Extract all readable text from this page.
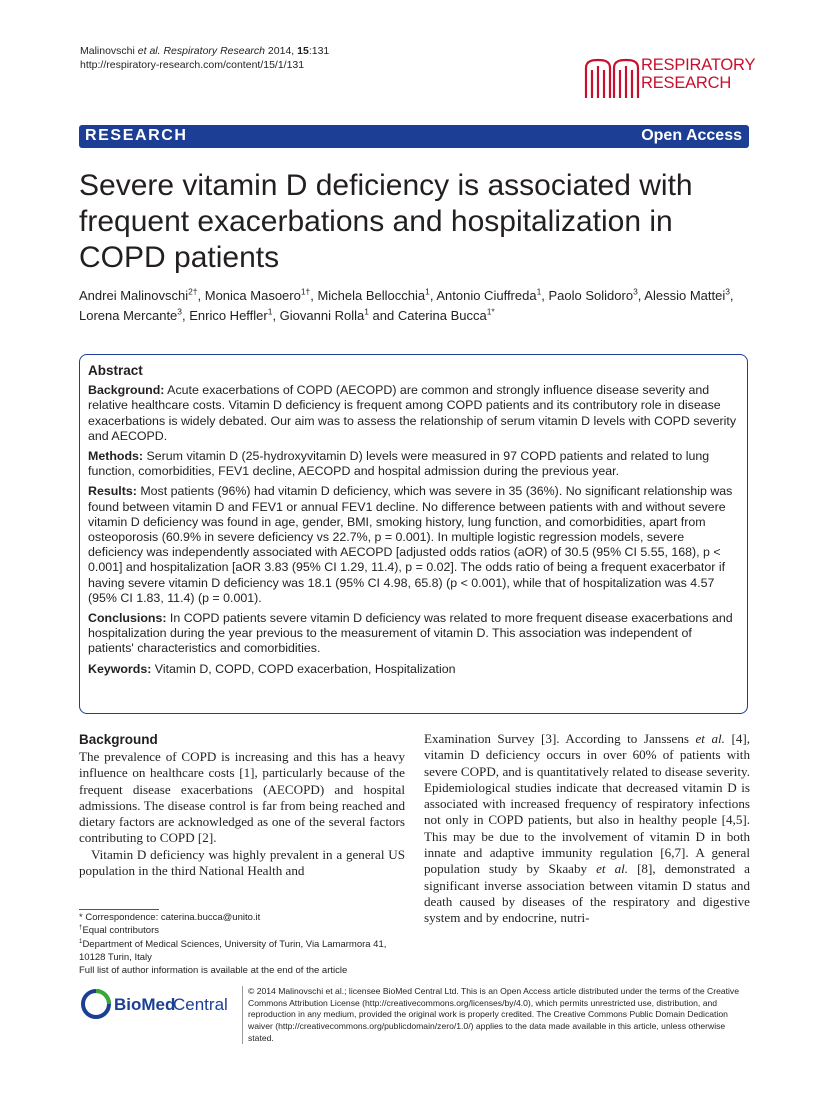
Malinovschi et al. Respiratory Research 2014, 15:131
http://respiratory-research.com/content/15/1/131	RESPIRATORY
RESEARCH
RESEARCH	Open Access
Severe vitamin D deficiency is associated with frequent exacerbations and hospitalization in COPD patients
Andrei Malinovschi$^{2\dagger}$, Monica Masoero$^{1\dagger}$, Michela Bellocchia$^1$, Antonio Ciuffreda$^1$, Paolo Solidoro$^3$, Alessio Mattei$^3$, Lorena Mercante$^3$, Enrico Heffler$^1$, Giovanni Rolla$^1$ and Caterina Bucca$^{1*}$
Abstract

Background: Acute exacerbations of COPD (AECOPD) are common and strongly influence disease severity and relative healthcare costs. Vitamin D deficiency is frequent among COPD patients and its contributory role in disease exacerbations is widely debated. Our aim was to assess the relationship of serum vitamin D levels with COPD severity and AECOPD.

Methods: Serum vitamin D (25-hydroxyvitamin D) levels were measured in 97 COPD patients and related to lung function, comorbidities, FEV1 decline, AECOPD and hospital admission during the previous year.

Results: Most patients (96%) had vitamin D deficiency, which was severe in 35 (36%). No significant relationship was found between vitamin D and FEV1 or annual FEV1 decline. No difference between patients with and without severe vitamin D deficiency was found in age, gender, BMI, smoking history, lung function, and comorbidities, apart from osteoporosis (60.9% in severe deficiency vs 22.7%, p = 0.001). In multiple logistic regression models, severe deficiency was independently associated with AECOPD [adjusted odds ratios (aOR) of 30.5 (95% CI 5.55, 168), p < 0.001] and hospitalization [aOR 3.83 (95% CI 1.29, 11.4), p = 0.02]. The odds ratio of being a frequent exacerbator if having severe vitamin D deficiency was 18.1 (95% CI 4.98, 65.8) (p < 0.001), while that of hospitalization was 4.57 (95% CI 1.83, 11.4) (p = 0.001).

Conclusions: In COPD patients severe vitamin D deficiency was related to more frequent disease exacerbations and hospitalization during the year previous to the measurement of vitamin D. This association was independent of patients' characteristics and comorbidities.

Keywords: Vitamin D, COPD, COPD exacerbation, Hospitalization

Background

The prevalence of COPD is increasing and this has a heavy influence on healthcare costs [1], particularly because of the frequent disease exacerbations (AECOPD) and hospital admissions. The disease control is far from being reached and dietary factors are acknowledged as one of the several factors contributing to COPD [2].

Vitamin D deficiency was highly prevalent in a general US population in the third National Health and

Examination Survey [3]. According to Janssens et al. [4], vitamin D deficiency occurs in over 60% of patients with severe COPD, and is quantitatively related to disease severity. Epidemiological studies indicate that decreased vitamin D is associated with increased frequency of respiratory infections not only in COPD patients, but also in healthy people [4,5]. This may be due to the involvement of vitamin D in both innate and adaptive immunity regulation [6,7]. A general population study by Skaaby et al. [8], demonstrated a significant inverse association between vitamin D status and death caused by diseases of the respiratory and digestive system and by endocrine, nutri-

* Correspondence: caterina.bucca@unito.it
†Equal contributors
$^1$Department of Medical Sciences, University of Turin, Via Lamarmora 41, 10128 Turin, Italy
Full list of author information is available at the end of the article
BioMed
Central
© 2014 Malinovschi et al.; licensee BioMed Central Ltd. This is an Open Access article distributed under the terms of the Creative Commons Attribution License (http://creativecommons.org/licenses/by/4.0), which permits unrestricted use, distribution, and reproduction in any medium, provided the original work is properly credited. The Creative Commons Public Domain Dedication waiver (http://creativecommons.org/publicdomain/zero/1.0/) applies to the data made available in this article, unless otherwise stated.
